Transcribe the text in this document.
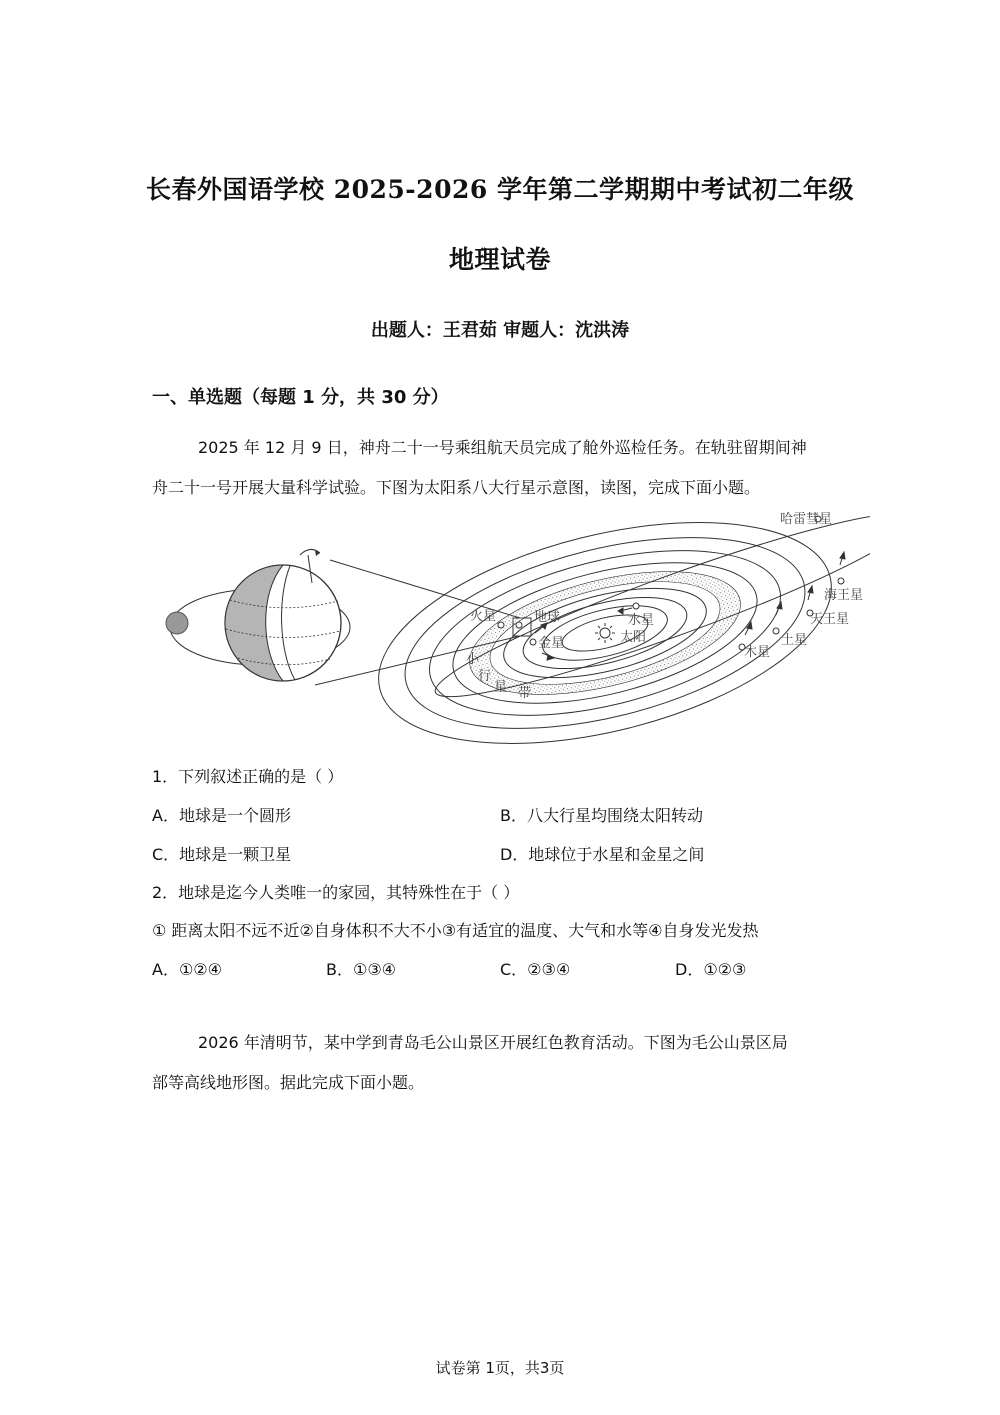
长春外国语学校 2025-2026 学年第二学期期中考试初二年级
地理试卷
出题人：王君茹 审题人：沈洪涛
一、单选题（每题 1 分，共 30 分）
2025 年 12 月 9 日，神舟二十一号乘组航天员完成了舱外巡检任务。在轨驻留期间神
舟二十一号开展大量科学试验。下图为太阳系八大行星示意图，读图，完成下面小题。
哈雷彗星
海王星
天王星
土星
木星
火星	地球
金星
水星
太阳
小
行
星 带
1．下列叙述正确的是（ ）
A．地球是一个圆形	B．八大行星均围绕太阳转动
C．地球是一颗卫星	D．地球位于水星和金星之间
2．地球是迄今人类唯一的家园，其特殊性在于（ ）
① 距离太阳不远不近②自身体积不大不小③有适宜的温度、大气和水等④自身发光发热
A．①②④	B．①③④	C．②③④	D．①②③
2026 年清明节，某中学到青岛毛公山景区开展红色教育活动。下图为毛公山景区局
部等高线地形图。据此完成下面小题。
试卷第 1页，共3页
